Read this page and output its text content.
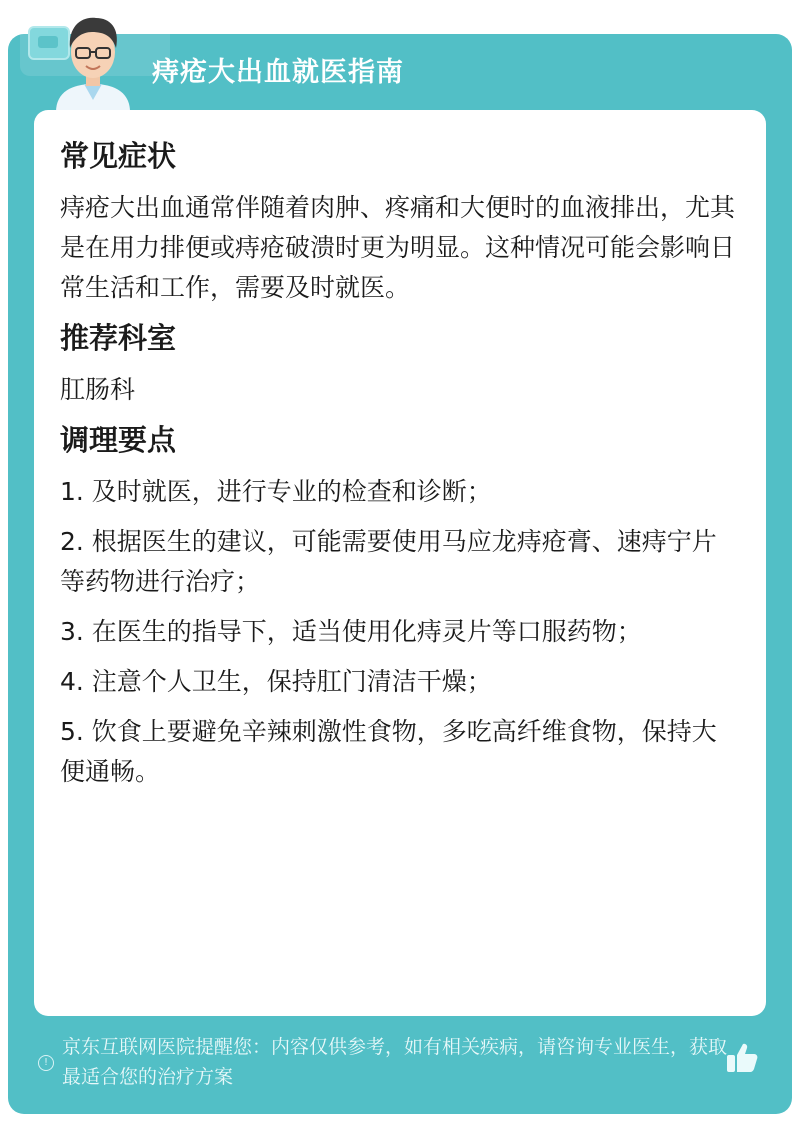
痔疮大出血就医指南
常见症状
痔疮大出血通常伴随着肉肿、疼痛和大便时的血液排出，尤其是在用力排便或痔疮破溃时更为明显。这种情况可能会影响日常生活和工作，需要及时就医。
推荐科室
肛肠科
调理要点
1. 及时就医，进行专业的检查和诊断；
2. 根据医生的建议，可能需要使用马应龙痔疮膏、速痔宁片等药物进行治疗；
3. 在医生的指导下，适当使用化痔灵片等口服药物；
4. 注意个人卫生，保持肛门清洁干燥；
5. 饮食上要避免辛辣刺激性食物，多吃高纤维食物，保持大便通畅。
!
京东互联网医院提醒您：内容仅供参考，如有相关疾病，请咨询专业医生，获取最适合您的治疗方案
